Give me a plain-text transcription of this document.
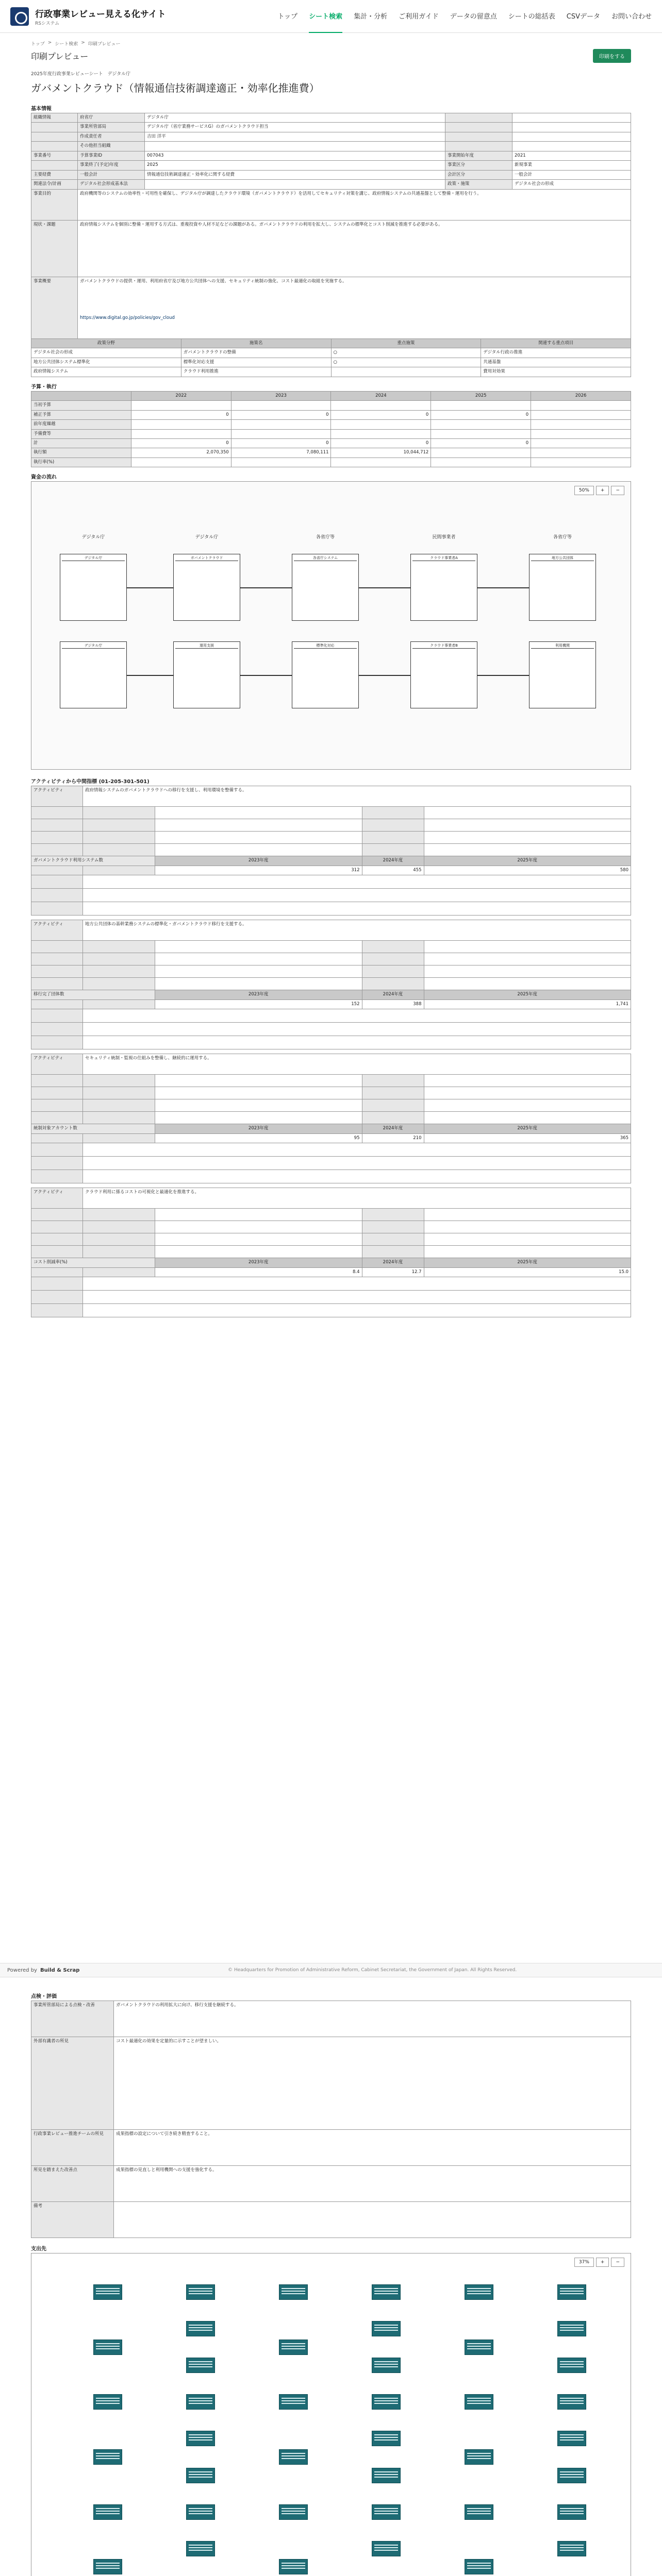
行政事業レビュー見える化サイト
RSシステム
トップ シート検索 集計・分析 ご利用ガイド データの留意点 シートの総括表 CSVデータ お問い合わせ
トップ > シート検索 > 印刷プレビュー
印刷プレビュー	印刷をする
2025年度行政事業レビューシート　デジタル庁
ガバメントクラウド（情報通信技術調達適正・効率化推進費）
基本情報
組織情報	府省庁	デジタル庁		
	事業所管部局	デジタル庁（省庁業務サービスG）のガバメントクラウド担当		
	作成責任者	吉田 洋平		
	その他担当組織			
事業番号	予算事業ID	007043	事業開始年度	2021
	事業終了(予定)年度	2025	事業区分	新規事業
主要経費	一般会計	情報通信技術調達適正・効率化に関する経費	会計区分	一般会計
関連法令/計画	デジタル社会形成基本法		政策・施策	デジタル社会の形成
事業目的	政府機関等のシステムの効率性・可用性を確保し、デジタル庁が調達したクラウド環境（ガバメントクラウド）を活用してセキュリティ対策を講じ、政府情報システムの共通基盤として整備・運用を行う。
現状・課題	政府情報システムを個別に整備・運用する方式は、重複投資や人材不足などの課題がある。ガバメントクラウドの利用を拡大し、システムの標準化とコスト削減を推進する必要がある。
事業概要	ガバメントクラウドの提供・運用、利用府省庁及び地方公共団体への支援、セキュリティ統制の強化、コスト最適化の取組を実施する。
https://www.digital.go.jp/policies/gov_cloud
政策分野	施策名	重点施策	関連する重点項目
デジタル社会の形成	ガバメントクラウドの整備	○	デジタル行政の推進
地方公共団体システム標準化	標準化対応支援	○	共通基盤
政府情報システム	クラウド利用推進		費用対効果
予算・執行
	2022	2023	2024	2025	2026
当初予算					
補正予算	0	0	0	0	
前年度繰越					
予備費等					
計	0	0	0	0	
執行額	2,070,350	7,080,111	10,044,712		
執行率(%)					
資金の流れ
50%	+	−
デジタル庁	デジタル庁	各省庁等	民間事業者	各省庁等
デジタル庁	ガバメントクラウド	各省庁システム	クラウド事業者A	地方公共団体
デジタル庁	運用支援	標準化対応	クラウド事業者B	利用機関
アクティビティから中間指標 (01-205-301-501)
アクティビティ	政府情報システムのガバメントクラウドへの移行を支援し、利用環境を整備する。			

ガバメントクラウド利用システム数		2023年度	2024年度	2025年度
		312	455	580

アクティビティ	地方公共団体の基幹業務システムの標準化・ガバメントクラウド移行を支援する。			

移行完了団体数		2023年度	2024年度	2025年度
		152	388	1,741

アクティビティ	セキュリティ統制・監視の仕組みを整備し、継続的に運用する。			

統制対象アカウント数		2023年度	2024年度	2025年度
		95	210	365

アクティビティ	クラウド利用に係るコストの可視化と最適化を推進する。			

コスト削減率(%)		2023年度	2024年度	2025年度
		8.4	12.7	15.0

Powered by Build & Scrap	© Headquarters for Promotion of Administrative Reform, Cabinet Secretariat, the Government of Japan. All Rights Reserved.
点検・評価
事業所管部局による点検・改善	ガバメントクラウドの利用拡大に向け、移行支援を継続する。
外部有識者の所見	コスト最適化の効果を定量的に示すことが望ましい。
行政事業レビュー推進チームの所見	成果指標の設定について引き続き精査すること。
所見を踏まえた改善点	成果指標の見直しと利用機関への支援を強化する。
備考	
支出先
37%	+	−
